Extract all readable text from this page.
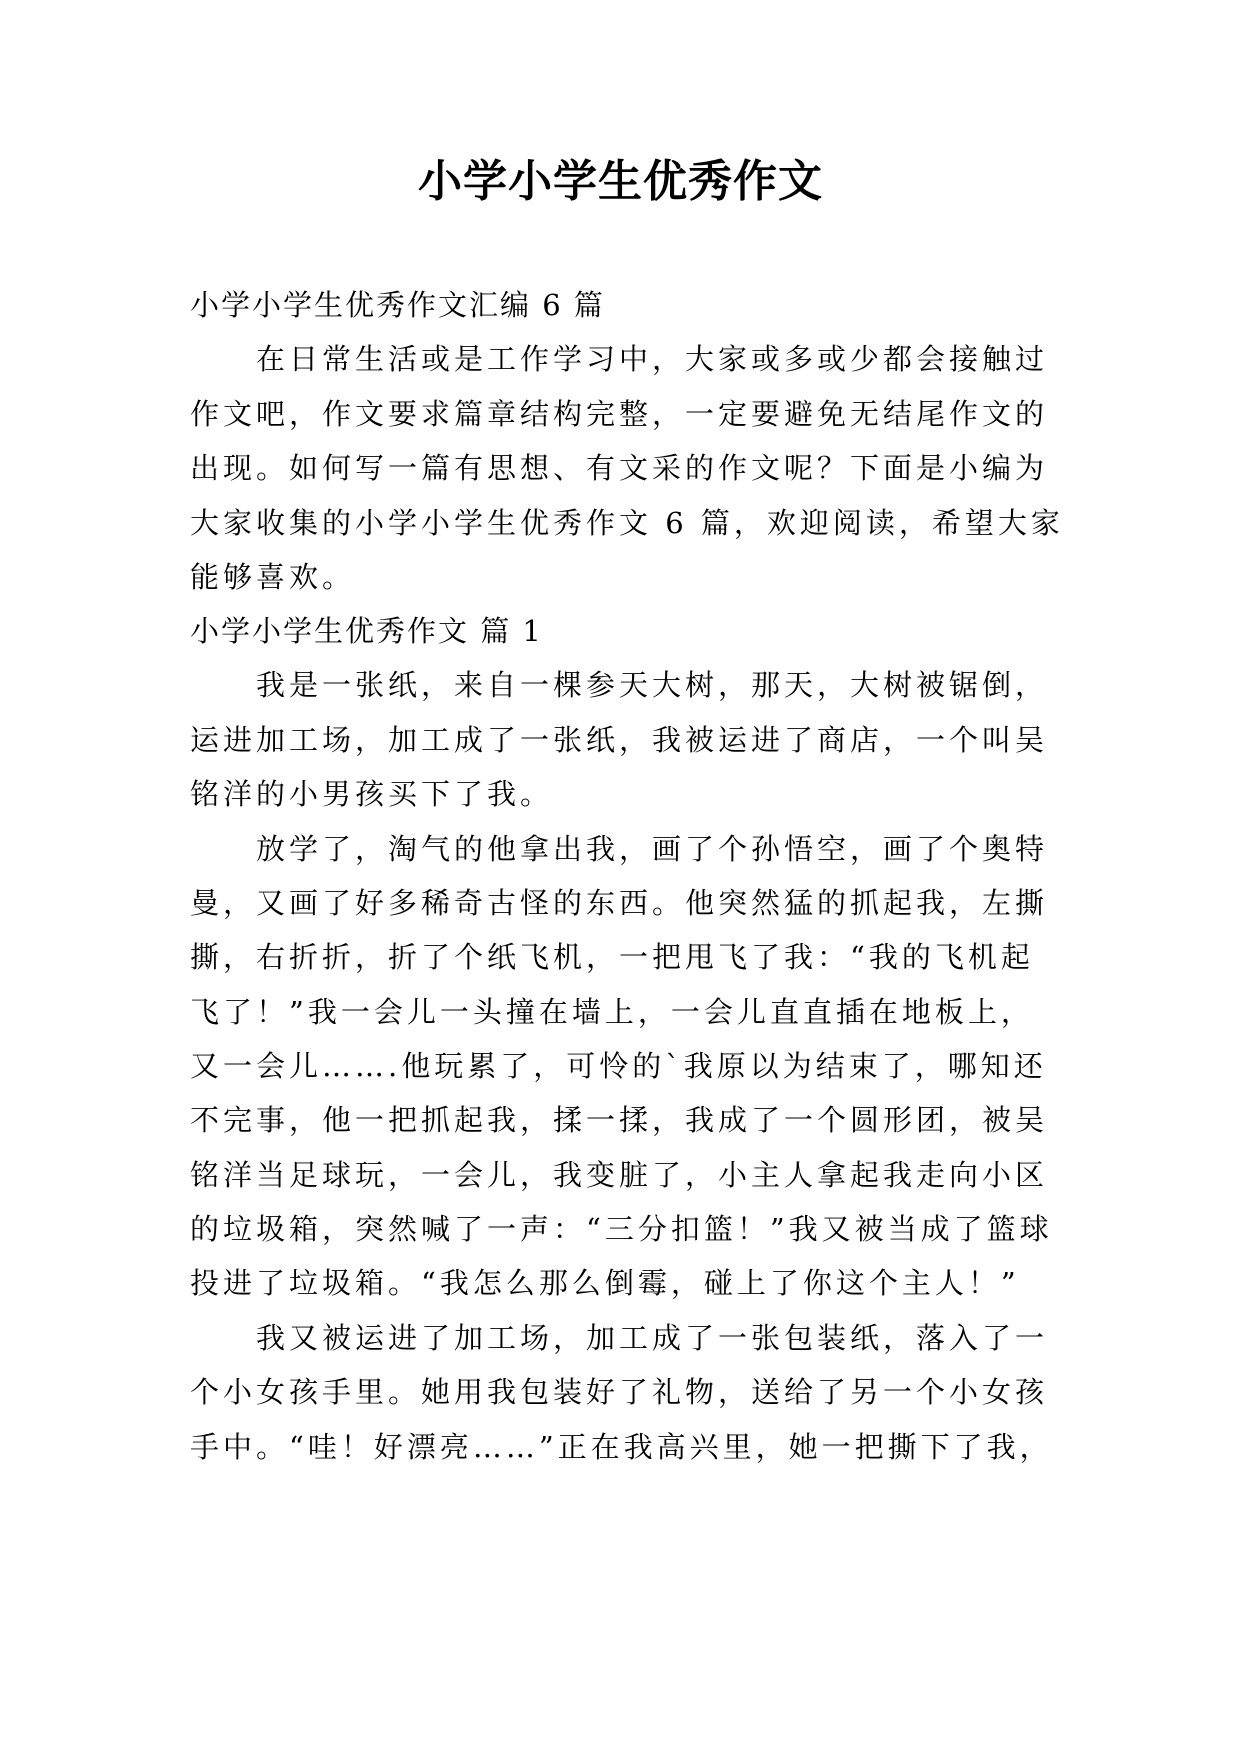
小学小学生优秀作文
小学小学生优秀作文汇编 6 篇
在日常生活或是工作学习中，大家或多或少都会接触过
作文吧，作文要求篇章结构完整，一定要避免无结尾作文的
出现。如何写一篇有思想、有文采的作文呢？下面是小编为
大家收集的小学小学生优秀作文 6 篇，欢迎阅读，希望大家
能够喜欢。
小学小学生优秀作文 篇 1
我是一张纸，来自一棵参天大树，那天，大树被锯倒，
运进加工场，加工成了一张纸，我被运进了商店，一个叫吴
铭洋的小男孩买下了我。
放学了，淘气的他拿出我，画了个孙悟空，画了个奥特
曼，又画了好多稀奇古怪的东西。他突然猛的抓起我，左撕
撕，右折折，折了个纸飞机，一把甩飞了我：“我的飞机起
飞了！”我一会儿一头撞在墙上，一会儿直直插在地板上，
又一会儿…….他玩累了，可怜的`我原以为结束了，哪知还
不完事，他一把抓起我，揉一揉，我成了一个圆形团，被吴
铭洋当足球玩，一会儿，我变脏了，小主人拿起我走向小区
的垃圾箱，突然喊了一声：“三分扣篮！”我又被当成了篮球
投进了垃圾箱。“我怎么那么倒霉，碰上了你这个主人！”
我又被运进了加工场，加工成了一张包装纸，落入了一
个小女孩手里。她用我包装好了礼物，送给了另一个小女孩
手中。“哇！好漂亮……”正在我高兴里，她一把撕下了我，
